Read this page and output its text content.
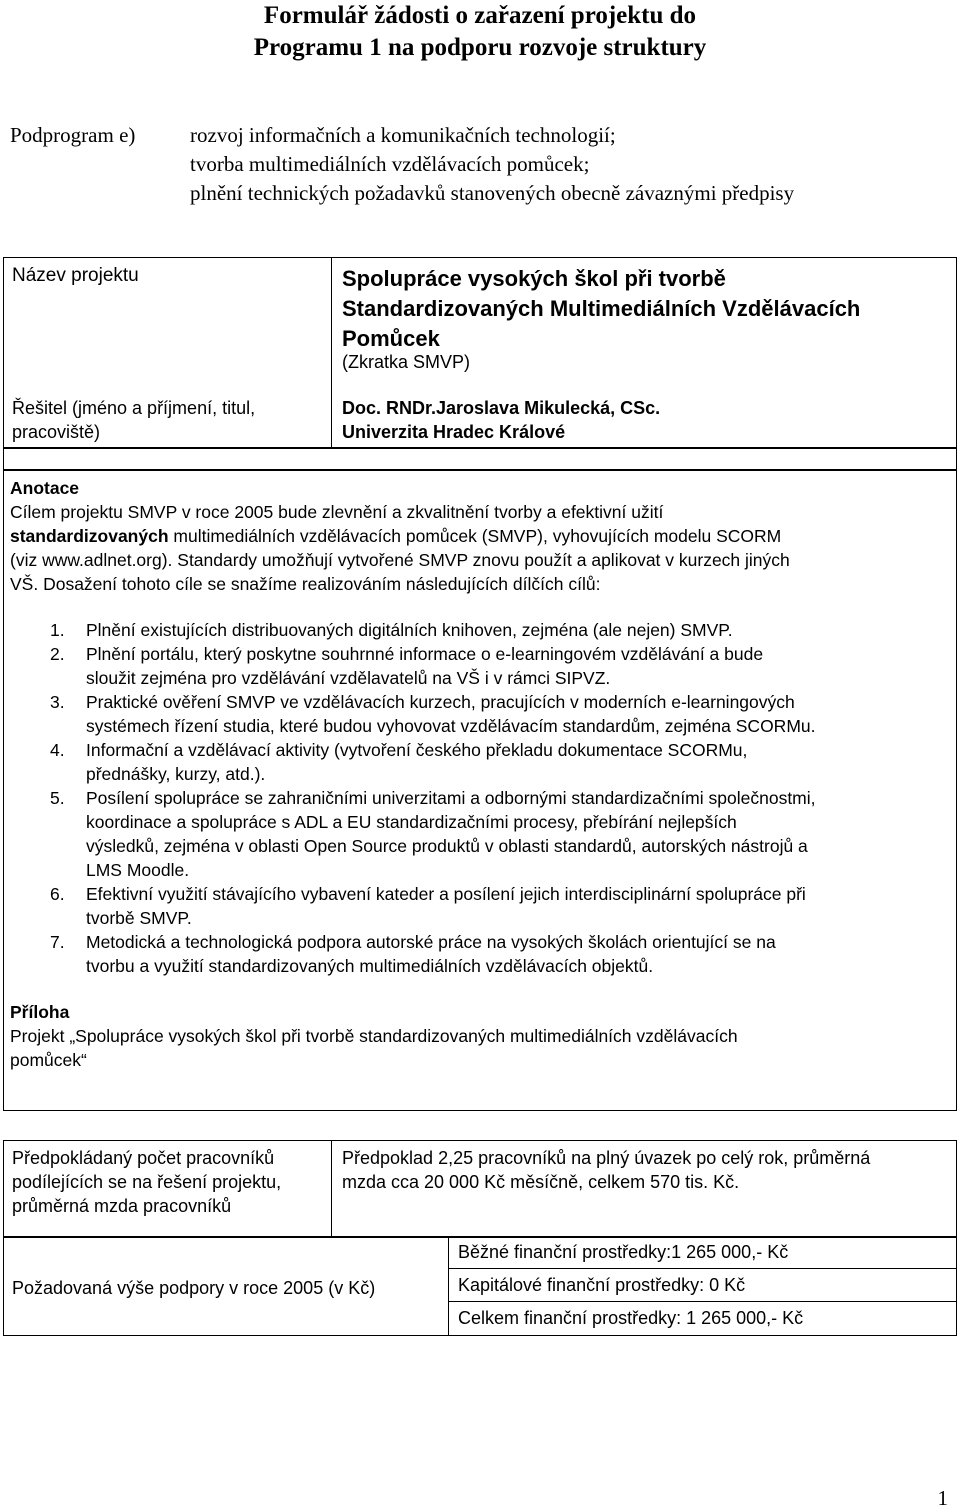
Formulář žádosti o zařazení projektu do
Programu 1 na podporu rozvoje struktury
Podprogram e)	rozvoj informačních a komunikačních technologií;
tvorba multimediálních vzdělávacích pomůcek;
plnění technických požadavků stanovených obecně závaznými předpisy
Název projektu	Spolupráce vysokých škol při tvorbě
Standardizovaných Multimediálních Vzdělávacích
Pomůcek
(Zkratka SMVP)
Řešitel (jméno a příjmení, titul,
pracoviště)
Doc. RNDr.Jaroslava Mikulecká, CSc.
Univerzita Hradec Králové
Anotace
Cílem projektu SMVP v roce 2005 bude zlevnění a zkvalitnění tvorby a efektivní užití
standardizovaných multimediálních vzdělávacích pomůcek (SMVP), vyhovujících modelu SCORM
(viz www.adlnet.org). Standardy umožňují vytvořené SMVP znovu použít a aplikovat v kurzech jiných
VŠ. Dosažení tohoto cíle se snažíme realizováním následujících dílčích cílů:
1. Plnění existujících distribuovaných digitálních knihoven, zejména (ale nejen) SMVP.
2. Plnění portálu, který poskytne souhrnné informace o e-learningovém vzdělávání a bude
sloužit zejména pro vzdělávání vzdělavatelů na VŠ i v rámci SIPVZ.
3. Praktické ověření SMVP ve vzdělávacích kurzech, pracujících v moderních e-learningových
systémech řízení studia, které budou vyhovovat vzdělávacím standardům, zejména SCORMu.
4. Informační a vzdělávací aktivity (vytvoření českého překladu dokumentace SCORMu,
přednášky, kurzy, atd.).
5. Posílení spolupráce se zahraničními univerzitami a odbornými standardizačními společnostmi,
koordinace a spolupráce s ADL a EU standardizačními procesy, přebírání nejlepších
výsledků, zejména v oblasti Open Source produktů v oblasti standardů, autorských nástrojů a
LMS Moodle.
6. Efektivní využití stávajícího vybavení kateder a posílení jejich interdisciplinární spolupráce při
tvorbě SMVP.
7. Metodická a technologická podpora autorské práce na vysokých školách orientující se na
tvorbu a využití standardizovaných multimediálních vzdělávacích objektů.
Příloha
Projekt „Spolupráce vysokých škol při tvorbě standardizovaných multimediálních vzdělávacích
pomůcek“
Předpokládaný počet pracovníků
podílejících se na řešení projektu,
průměrná mzda pracovníků
Předpoklad 2,25 pracovníků na plný úvazek po celý rok, průměrná
mzda cca 20 000 Kč měsíčně, celkem 570 tis. Kč.
Požadovaná výše podpory v roce 2005 (v Kč)
Běžné finanční prostředky:1 265 000,- Kč
Kapitálové finanční prostředky: 0 Kč
Celkem finanční prostředky: 1 265 000,- Kč
1
